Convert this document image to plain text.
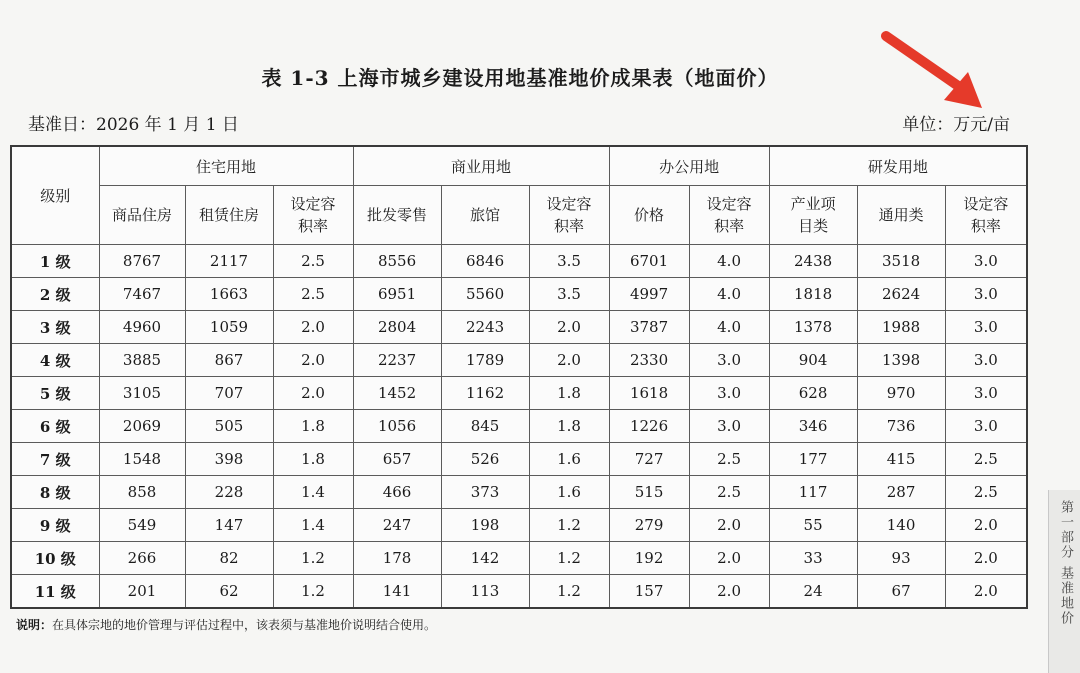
表 1-3 上海市城乡建设用地基准地价成果表（地面价）
基准日：2026 年 1 月 1 日	单位：万元/亩
级别	住宅用地			商业用地			办公用地		研发用地		
	商品住房	租赁住房	设定容积率	批发零售	旅馆	设定容积率	价格	设定容积率	产业项目类	通用类	设定容积率
1 级	8767	2117	2.5	8556	6846	3.5	6701	4.0	2438	3518	3.0
2 级	7467	1663	2.5	6951	5560	3.5	4997	4.0	1818	2624	3.0
3 级	4960	1059	2.0	2804	2243	2.0	3787	4.0	1378	1988	3.0
4 级	3885	867	2.0	2237	1789	2.0	2330	3.0	904	1398	3.0
5 级	3105	707	2.0	1452	1162	1.8	1618	3.0	628	970	3.0
6 级	2069	505	1.8	1056	845	1.8	1226	3.0	346	736	3.0
7 级	1548	398	1.8	657	526	1.6	727	2.5	177	415	2.5
8 级	858	228	1.4	466	373	1.6	515	2.5	117	287	2.5
9 级	549	147	1.4	247	198	1.2	279	2.0	55	140	2.0
10 级	266	82	1.2	178	142	1.2	192	2.0	33	93	2.0
11 级	201	62	1.2	141	113	1.2	157	2.0	24	67	2.0
说明：在具体宗地的地价管理与评估过程中，该表须与基准地价说明结合使用。	第一部分 基准地价
